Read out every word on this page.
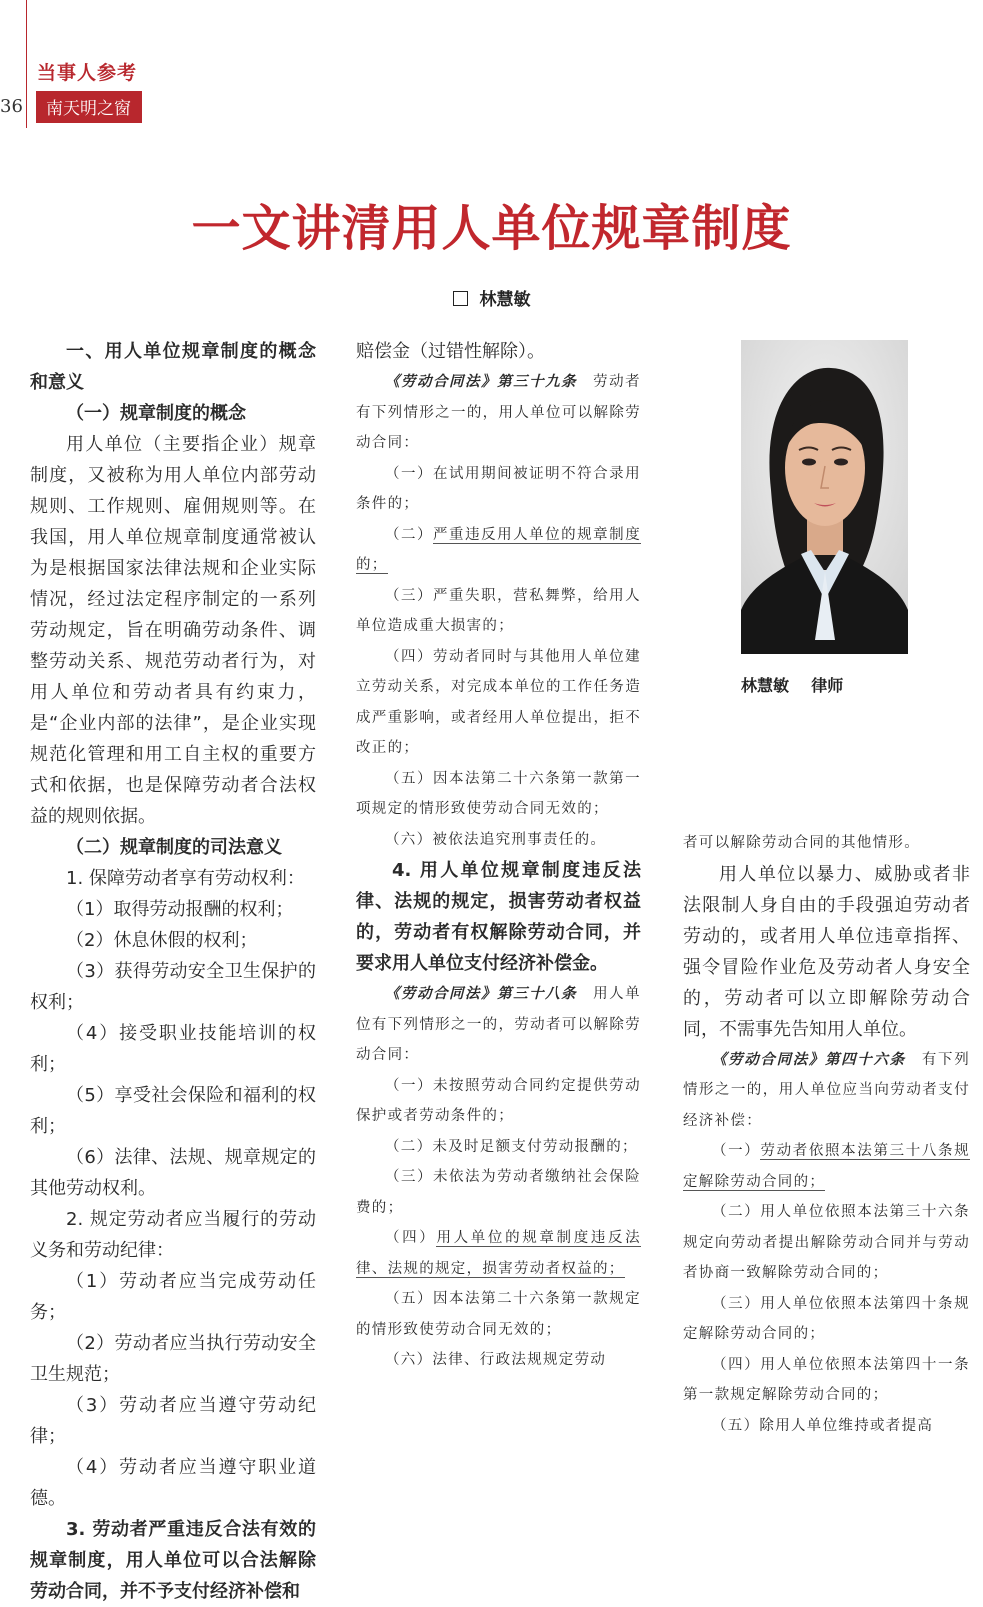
当事人参考
36	南天明之窗
一文讲清用人单位规章制度
林慧敏

一、用人单位规章制度的概念和意义

（一）规章制度的概念

用人单位（主要指企业）规章制度，又被称为用人单位内部劳动规则、工作规则、雇佣规则等。在我国，用人单位规章制度通常被认为是根据国家法律法规和企业实际情况，经过法定程序制定的一系列劳动规定，旨在明确劳动条件、调整劳动关系、规范劳动者行为，对用人单位和劳动者具有约束力，是“企业内部的法律”，是企业实现规范化管理和用工自主权的重要方式和依据，也是保障劳动者合法权益的规则依据。

（二）规章制度的司法意义

1. 保障劳动者享有劳动权利：

（1）取得劳动报酬的权利；

（2）休息休假的权利；

（3）获得劳动安全卫生保护的权利；

（4）接受职业技能培训的权利；

（5）享受社会保险和福利的权利；

（6）法律、法规、规章规定的其他劳动权利。

2. 规定劳动者应当履行的劳动义务和劳动纪律：

（1）劳动者应当完成劳动任务；

（2）劳动者应当执行劳动安全卫生规范；

（3）劳动者应当遵守劳动纪律；

（4）劳动者应当遵守职业道德。

3. 劳动者严重违反合法有效的规章制度，用人单位可以合法解除劳动合同，并不予支付经济补偿和

赔偿金（过错性解除）。

《劳动合同法》第三十九条  劳动者有下列情形之一的，用人单位可以解除劳动合同：

（一）在试用期间被证明不符合录用条件的；

（二）严重违反用人单位的规章制度的；

（三）严重失职，营私舞弊，给用人单位造成重大损害的；

（四）劳动者同时与其他用人单位建立劳动关系，对完成本单位的工作任务造成严重影响，或者经用人单位提出，拒不改正的；

（五）因本法第二十六条第一款第一项规定的情形致使劳动合同无效的；

（六）被依法追究刑事责任的。

4. 用人单位规章制度违反法律、法规的规定，损害劳动者权益的，劳动者有权解除劳动合同，并要求用人单位支付经济补偿金。

《劳动合同法》第三十八条  用人单位有下列情形之一的，劳动者可以解除劳动合同：

（一）未按照劳动合同约定提供劳动保护或者劳动条件的；

（二）未及时足额支付劳动报酬的；

（三）未依法为劳动者缴纳社会保险费的；

（四）用人单位的规章制度违反法律、法规的规定，损害劳动者权益的；

（五）因本法第二十六条第一款规定的情形致使劳动合同无效的；

（六）法律、行政法规规定劳动

者可以解除劳动合同的其他情形。

用人单位以暴力、威胁或者非法限制人身自由的手段强迫劳动者劳动的，或者用人单位违章指挥、强令冒险作业危及劳动者人身安全的，劳动者可以立即解除劳动合同，不需事先告知用人单位。

《劳动合同法》第四十六条  有下列情形之一的，用人单位应当向劳动者支付经济补偿：

（一）劳动者依照本法第三十八条规定解除劳动合同的；

（二）用人单位依照本法第三十六条规定向劳动者提出解除劳动合同并与劳动者协商一致解除劳动合同的；

（三）用人单位依照本法第四十条规定解除劳动合同的；

（四）用人单位依照本法第四十一条第一款规定解除劳动合同的；

（五）除用人单位维持或者提高

林慧敏    律师
